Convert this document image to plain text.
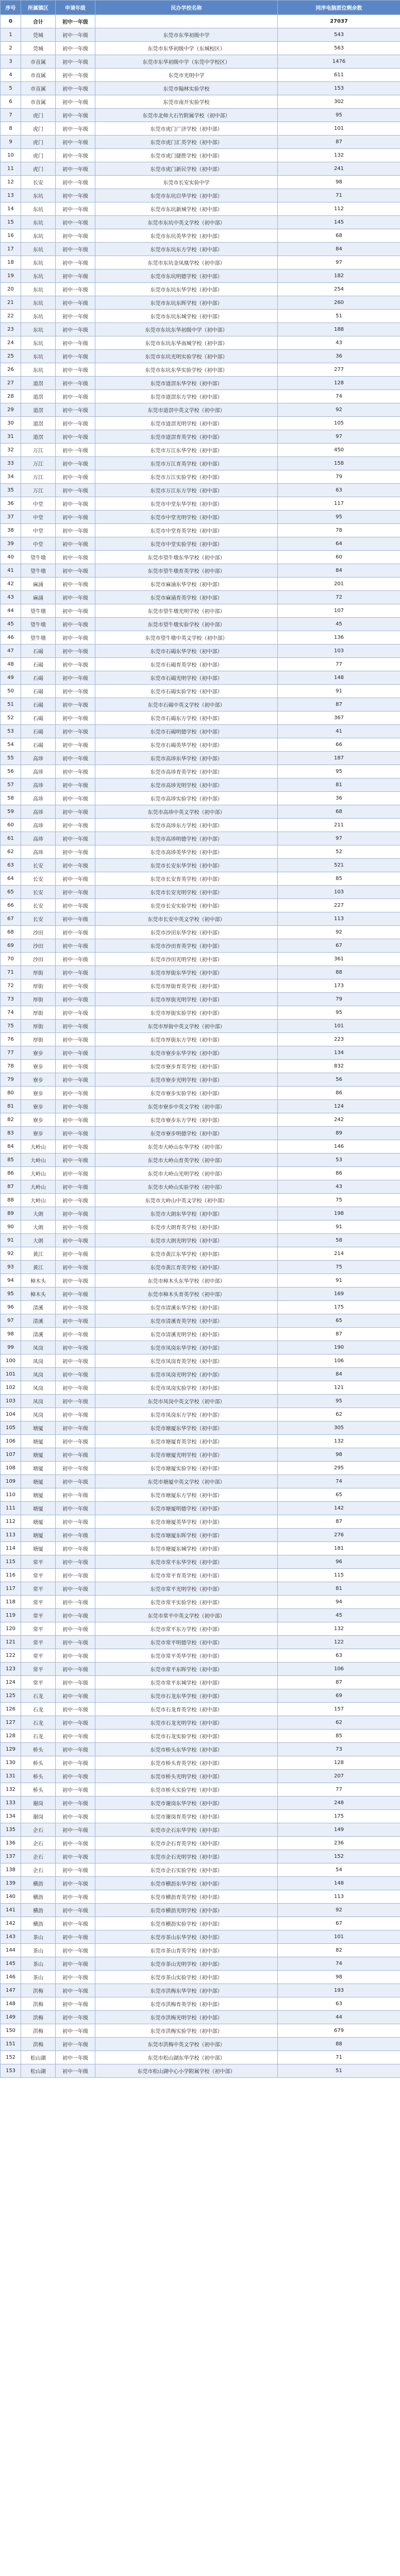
序号	所属镇区	申请年级	民办学校名称	同序电脑派位剩余数
0	合计	初中一年级		27037
1	莞城	初中一年级	东莞市东华初级中学	543
2	莞城	初中一年级	东莞市东华初级中学（东城校区）	563
3	市直属	初中一年级	东莞市东华初级中学（东莞中学校区）	1476
4	市直属	初中一年级	东莞市光明中学	611
5	市直属	初中一年级	东莞市翰林实验学校	153
6	市直属	初中一年级	东莞市南开实验学校	302
7	虎门	初中一年级	东莞市北师大石竹附属学校（初中部）	95
8	虎门	初中一年级	东莞市虎门广济学校（初中部）	101
9	虎门	初中一年级	东莞市虎门汇英学校（初中部）	87
10	虎门	初中一年级	东莞市虎门捷胜学校（初中部）	132
11	虎门	初中一年级	东莞市虎门新民学校（初中部）	241
12	长安	初中一年级	东莞市长安实验中学	98
13	东坑	初中一年级	东莞市东坑启华学校（初中部）	71
14	东坑	初中一年级	东莞市东坑新城学校（初中部）	112
15	东坑	初中一年级	东莞市东坑中英文学校（初中部）	145
16	东坑	初中一年级	东莞市东坑英华学校（初中部）	68
17	东坑	初中一年级	东莞市东坑东方学校（初中部）	84
18	东坑	初中一年级	东莞市东坑金凤凰学校（初中部）	97
19	东坑	初中一年级	东莞市东坑明德学校（初中部）	182
20	东坑	初中一年级	东莞市东坑东华学校（初中部）	254
21	东坑	初中一年级	东莞市东坑东晖学校（初中部）	260
22	东坑	初中一年级	东莞市东坑东城学校（初中部）	51
23	东坑	初中一年级	东莞市东坑东华初级中学（初中部）	188
24	东坑	初中一年级	东莞市东坑东华南城学校（初中部）	43
25	东坑	初中一年级	东莞市东坑光明实验学校（初中部）	36
26	东坑	初中一年级	东莞市东坑东华实验学校（初中部）	277
27	道滘	初中一年级	东莞市道滘东华学校（初中部）	128
28	道滘	初中一年级	东莞市道滘东方学校（初中部）	74
29	道滘	初中一年级	东莞市道滘中英文学校（初中部）	92
30	道滘	初中一年级	东莞市道滘光明学校（初中部）	105
31	道滘	初中一年级	东莞市道滘育英学校（初中部）	97
32	万江	初中一年级	东莞市万江东华学校（初中部）	450
33	万江	初中一年级	东莞市万江育英学校（初中部）	158
34	万江	初中一年级	东莞市万江实验学校（初中部）	79
35	万江	初中一年级	东莞市万江东方学校（初中部）	63
36	中堂	初中一年级	东莞市中堂东华学校（初中部）	117
37	中堂	初中一年级	东莞市中堂光明学校（初中部）	95
38	中堂	初中一年级	东莞市中堂育英学校（初中部）	78
39	中堂	初中一年级	东莞市中堂实验学校（初中部）	64
40	望牛墩	初中一年级	东莞市望牛墩东华学校（初中部）	60
41	望牛墩	初中一年级	东莞市望牛墩育英学校（初中部）	84
42	麻涌	初中一年级	东莞市麻涌东华学校（初中部）	201
43	麻涌	初中一年级	东莞市麻涌育英学校（初中部）	72
44	望牛墩	初中一年级	东莞市望牛墩光明学校（初中部）	107
45	望牛墩	初中一年级	东莞市望牛墩实验学校（初中部）	45
46	望牛墩	初中一年级	东莞市望牛墩中英文学校（初中部）	136
47	石碣	初中一年级	东莞市石碣东华学校（初中部）	103
48	石碣	初中一年级	东莞市石碣育英学校（初中部）	77
49	石碣	初中一年级	东莞市石碣光明学校（初中部）	148
50	石碣	初中一年级	东莞市石碣实验学校（初中部）	91
51	石碣	初中一年级	东莞市石碣中英文学校（初中部）	87
52	石碣	初中一年级	东莞市石碣东方学校（初中部）	367
53	石碣	初中一年级	东莞市石碣明德学校（初中部）	41
54	石碣	初中一年级	东莞市石碣英华学校（初中部）	66
55	高埗	初中一年级	东莞市高埗东华学校（初中部）	187
56	高埗	初中一年级	东莞市高埗育英学校（初中部）	95
57	高埗	初中一年级	东莞市高埗光明学校（初中部）	81
58	高埗	初中一年级	东莞市高埗实验学校（初中部）	36
59	高埗	初中一年级	东莞市高埗中英文学校（初中部）	68
60	高埗	初中一年级	东莞市高埗东方学校（初中部）	211
61	高埗	初中一年级	东莞市高埗明德学校（初中部）	97
62	高埗	初中一年级	东莞市高埗英华学校（初中部）	52
63	长安	初中一年级	东莞市长安东华学校（初中部）	521
64	长安	初中一年级	东莞市长安育英学校（初中部）	85
65	长安	初中一年级	东莞市长安光明学校（初中部）	103
66	长安	初中一年级	东莞市长安实验学校（初中部）	227
67	长安	初中一年级	东莞市长安中英文学校（初中部）	113
68	沙田	初中一年级	东莞市沙田东华学校（初中部）	92
69	沙田	初中一年级	东莞市沙田育英学校（初中部）	67
70	沙田	初中一年级	东莞市沙田光明学校（初中部）	361
71	厚街	初中一年级	东莞市厚街东华学校（初中部）	88
72	厚街	初中一年级	东莞市厚街育英学校（初中部）	173
73	厚街	初中一年级	东莞市厚街光明学校（初中部）	79
74	厚街	初中一年级	东莞市厚街实验学校（初中部）	95
75	厚街	初中一年级	东莞市厚街中英文学校（初中部）	101
76	厚街	初中一年级	东莞市厚街东方学校（初中部）	223
77	寮步	初中一年级	东莞市寮步东华学校（初中部）	134
78	寮步	初中一年级	东莞市寮步育英学校（初中部）	832
79	寮步	初中一年级	东莞市寮步光明学校（初中部）	56
80	寮步	初中一年级	东莞市寮步实验学校（初中部）	86
81	寮步	初中一年级	东莞市寮步中英文学校（初中部）	124
82	寮步	初中一年级	东莞市寮步东方学校（初中部）	242
83	寮步	初中一年级	东莞市寮步明德学校（初中部）	89
84	大岭山	初中一年级	东莞市大岭山东华学校（初中部）	146
85	大岭山	初中一年级	东莞市大岭山育英学校（初中部）	53
86	大岭山	初中一年级	东莞市大岭山光明学校（初中部）	86
87	大岭山	初中一年级	东莞市大岭山实验学校（初中部）	43
88	大岭山	初中一年级	东莞市大岭山中英文学校（初中部）	75
89	大朗	初中一年级	东莞市大朗东华学校（初中部）	198
90	大朗	初中一年级	东莞市大朗育英学校（初中部）	91
91	大朗	初中一年级	东莞市大朗光明学校（初中部）	58
92	黄江	初中一年级	东莞市黄江东华学校（初中部）	214
93	黄江	初中一年级	东莞市黄江育英学校（初中部）	75
94	樟木头	初中一年级	东莞市樟木头东华学校（初中部）	91
95	樟木头	初中一年级	东莞市樟木头育英学校（初中部）	169
96	清溪	初中一年级	东莞市清溪东华学校（初中部）	175
97	清溪	初中一年级	东莞市清溪育英学校（初中部）	65
98	清溪	初中一年级	东莞市清溪光明学校（初中部）	87
99	凤岗	初中一年级	东莞市凤岗东华学校（初中部）	190
100	凤岗	初中一年级	东莞市凤岗育英学校（初中部）	106
101	凤岗	初中一年级	东莞市凤岗光明学校（初中部）	84
102	凤岗	初中一年级	东莞市凤岗实验学校（初中部）	121
103	凤岗	初中一年级	东莞市凤岗中英文学校（初中部）	95
104	凤岗	初中一年级	东莞市凤岗东方学校（初中部）	62
105	塘厦	初中一年级	东莞市塘厦东华学校（初中部）	305
106	塘厦	初中一年级	东莞市塘厦育英学校（初中部）	132
107	塘厦	初中一年级	东莞市塘厦光明学校（初中部）	98
108	塘厦	初中一年级	东莞市塘厦实验学校（初中部）	295
109	塘厦	初中一年级	东莞市塘厦中英文学校（初中部）	74
110	塘厦	初中一年级	东莞市塘厦东方学校（初中部）	65
111	塘厦	初中一年级	东莞市塘厦明德学校（初中部）	142
112	塘厦	初中一年级	东莞市塘厦英华学校（初中部）	87
113	塘厦	初中一年级	东莞市塘厦东晖学校（初中部）	276
114	塘厦	初中一年级	东莞市塘厦东城学校（初中部）	181
115	常平	初中一年级	东莞市常平东华学校（初中部）	96
116	常平	初中一年级	东莞市常平育英学校（初中部）	115
117	常平	初中一年级	东莞市常平光明学校（初中部）	81
118	常平	初中一年级	东莞市常平实验学校（初中部）	94
119	常平	初中一年级	东莞市常平中英文学校（初中部）	45
120	常平	初中一年级	东莞市常平东方学校（初中部）	132
121	常平	初中一年级	东莞市常平明德学校（初中部）	122
122	常平	初中一年级	东莞市常平英华学校（初中部）	63
123	常平	初中一年级	东莞市常平东晖学校（初中部）	106
124	常平	初中一年级	东莞市常平东城学校（初中部）	87
125	石龙	初中一年级	东莞市石龙东华学校（初中部）	69
126	石龙	初中一年级	东莞市石龙育英学校（初中部）	157
127	石龙	初中一年级	东莞市石龙光明学校（初中部）	62
128	石龙	初中一年级	东莞市石龙实验学校（初中部）	85
129	桥头	初中一年级	东莞市桥头东华学校（初中部）	73
130	桥头	初中一年级	东莞市桥头育英学校（初中部）	128
131	桥头	初中一年级	东莞市桥头光明学校（初中部）	207
132	桥头	初中一年级	东莞市桥头实验学校（初中部）	77
133	谢岗	初中一年级	东莞市谢岗东华学校（初中部）	248
134	谢岗	初中一年级	东莞市谢岗育英学校（初中部）	175
135	企石	初中一年级	东莞市企石东华学校（初中部）	149
136	企石	初中一年级	东莞市企石育英学校（初中部）	236
137	企石	初中一年级	东莞市企石光明学校（初中部）	152
138	企石	初中一年级	东莞市企石实验学校（初中部）	54
139	横沥	初中一年级	东莞市横沥东华学校（初中部）	148
140	横沥	初中一年级	东莞市横沥育英学校（初中部）	113
141	横沥	初中一年级	东莞市横沥光明学校（初中部）	92
142	横沥	初中一年级	东莞市横沥实验学校（初中部）	67
143	茶山	初中一年级	东莞市茶山东华学校（初中部）	101
144	茶山	初中一年级	东莞市茶山育英学校（初中部）	82
145	茶山	初中一年级	东莞市茶山光明学校（初中部）	74
146	茶山	初中一年级	东莞市茶山实验学校（初中部）	98
147	洪梅	初中一年级	东莞市洪梅东华学校（初中部）	193
148	洪梅	初中一年级	东莞市洪梅育英学校（初中部）	63
149	洪梅	初中一年级	东莞市洪梅光明学校（初中部）	44
150	洪梅	初中一年级	东莞市洪梅实验学校（初中部）	679
151	洪梅	初中一年级	东莞市洪梅中英文学校（初中部）	88
152	松山湖	初中一年级	东莞市松山湖东华学校（初中部）	71
153	松山湖	初中一年级	东莞市松山湖中心小学附属学校（初中部）	51
